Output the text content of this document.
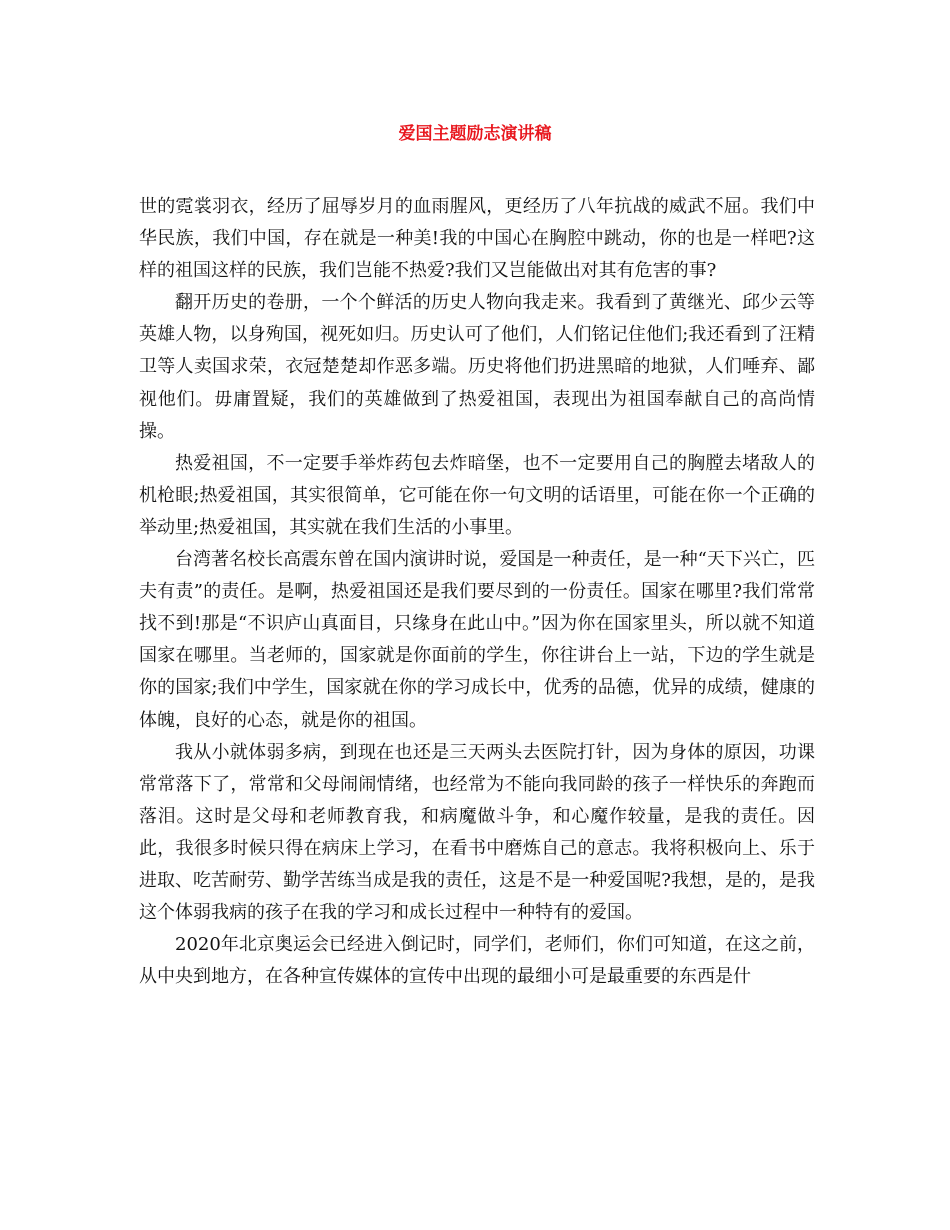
爱国主题励志演讲稿

世的霓裳羽衣，经历了屈辱岁月的血雨腥风，更经历了八年抗战的威武不屈。我们中华民族，我们中国，存在就是一种美!我的中国心在胸腔中跳动，你的也是一样吧?这样的祖国这样的民族，我们岂能不热爱?我们又岂能做出对其有危害的事?

翻开历史的卷册，一个个鲜活的历史人物向我走来。我看到了黄继光、邱少云等英雄人物，以身殉国，视死如归。历史认可了他们，人们铭记住他们;我还看到了汪精卫等人卖国求荣，衣冠楚楚却作恶多端。历史将他们扔进黑暗的地狱，人们唾弃、鄙视他们。毋庸置疑，我们的英雄做到了热爱祖国，表现出为祖国奉献自己的高尚情操。

热爱祖国，不一定要手举炸药包去炸暗堡，也不一定要用自己的胸膛去堵敌人的机枪眼;热爱祖国，其实很简单，它可能在你一句文明的话语里，可能在你一个正确的举动里;热爱祖国，其实就在我们生活的小事里。

台湾著名校长高震东曾在国内演讲时说，爱国是一种责任，是一种“天下兴亡，匹夫有责”的责任。是啊，热爱祖国还是我们要尽到的一份责任。国家在哪里?我们常常找不到!那是“不识庐山真面目，只缘身在此山中。”因为你在国家里头，所以就不知道国家在哪里。当老师的，国家就是你面前的学生，你往讲台上一站，下边的学生就是你的国家;我们中学生，国家就在你的学习成长中，优秀的品德，优异的成绩，健康的体魄，良好的心态，就是你的祖国。

我从小就体弱多病，到现在也还是三天两头去医院打针，因为身体的原因，功课常常落下了，常常和父母闹闹情绪，也经常为不能向我同龄的孩子一样快乐的奔跑而落泪。这时是父母和老师教育我，和病魔做斗争，和心魔作较量，是我的责任。因此，我很多时候只得在病床上学习，在看书中磨炼自己的意志。我将积极向上、乐于进取、吃苦耐劳、勤学苦练当成是我的责任，这是不是一种爱国呢?我想，是的，是我这个体弱我病的孩子在我的学习和成长过程中一种特有的爱国。

2020年北京奥运会已经进入倒记时，同学们，老师们，你们可知道，在这之前，从中央到地方，在各种宣传媒体的宣传中出现的最细小可是最重要的东西是什
